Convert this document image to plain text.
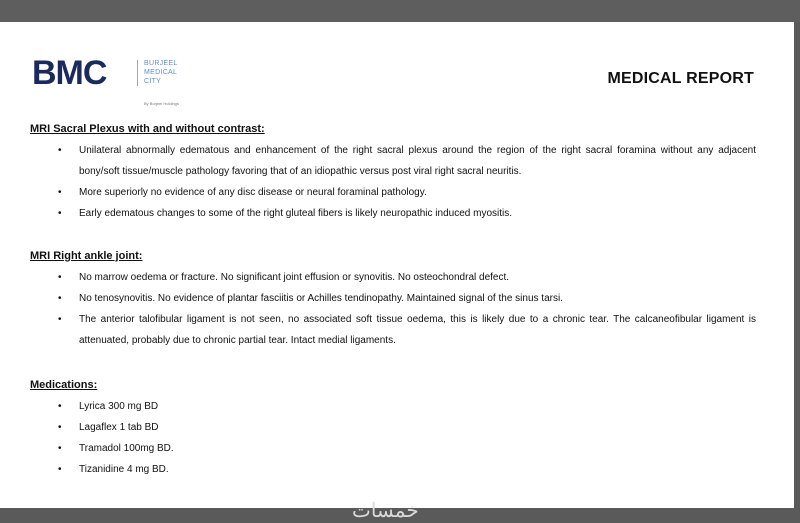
BMC	BURJEEL
MEDICAL
CITY
By Burjeel Holdings
MEDICAL REPORT
MRI Sacral Plexus with and without contrast:
• Unilateral abnormally edematous and enhancement of the right sacral plexus around the region of the right sacral foramina without any adjacent bony/soft tissue/muscle pathology favoring that of an idiopathic versus post viral right sacral neuritis.
• More superiorly no evidence of any disc disease or neural foraminal pathology.
• Early edematous changes to some of the right gluteal fibers is likely neuropathic induced myositis.
MRI Right ankle joint:
• No marrow oedema or fracture. No significant joint effusion or synovitis. No osteochondral defect.
• No tenosynovitis. No evidence of plantar fasciitis or Achilles tendinopathy. Maintained signal of the sinus tarsi.
• The anterior talofibular ligament is not seen, no associated soft tissue oedema, this is likely due to a chronic tear. The calcaneofibular ligament is attenuated, probably due to chronic partial tear. Intact medial ligaments.
Medications:
• Lyrica 300 mg BD
• Lagaflex 1 tab BD
• Tramadol 100mg BD.
• Tizanidine 4 mg BD.
خمسات
